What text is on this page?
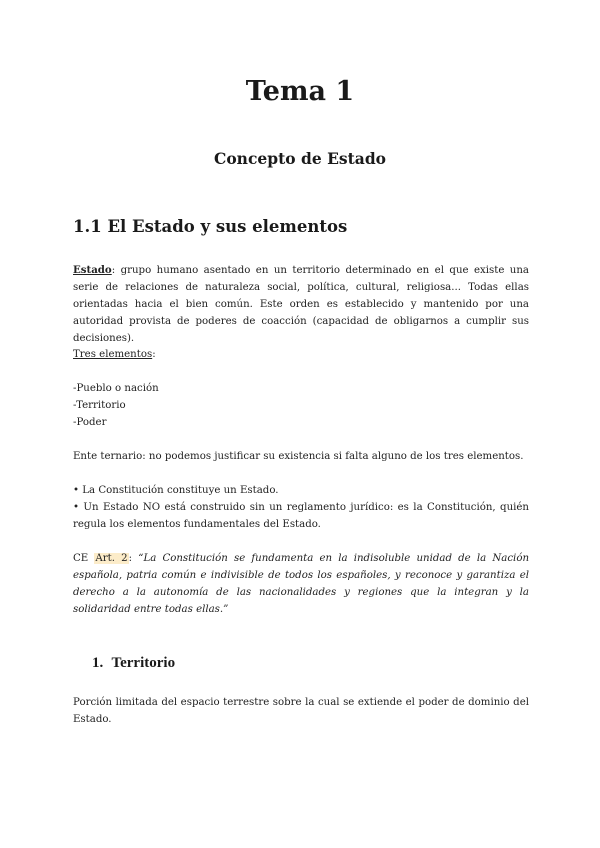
Tema 1
Concepto de Estado
1.1 El Estado y sus elementos

Estado: grupo humano asentado en un territorio determinado en el que existe una serie de relaciones de naturaleza social, política, cultural, religiosa... Todas ellas orientadas hacia el bien común. Este orden es establecido y mantenido por una autoridad provista de poderes de coacción (capacidad de obligarnos a cumplir sus decisiones).

Tres elementos:

-Pueblo o nación
-Territorio
-Poder

Ente ternario: no podemos justificar su existencia si falta alguno de los tres elementos.

• La Constitución constituye un Estado.
• Un Estado NO está construido sin un reglamento jurídico: es la Constitución, quién regula los elementos fundamentales del Estado.

CE Art. 2: “La Constitución se fundamenta en la indisoluble unidad de la Nación española, patria común e indivisible de todos los españoles, y reconoce y garantiza el derecho a la autonomía de las nacionalidades y regiones que la integran y la solidaridad entre todas ellas.”

1. Territorio

Porción limitada del espacio terrestre sobre la cual se extiende el poder de dominio del Estado.
